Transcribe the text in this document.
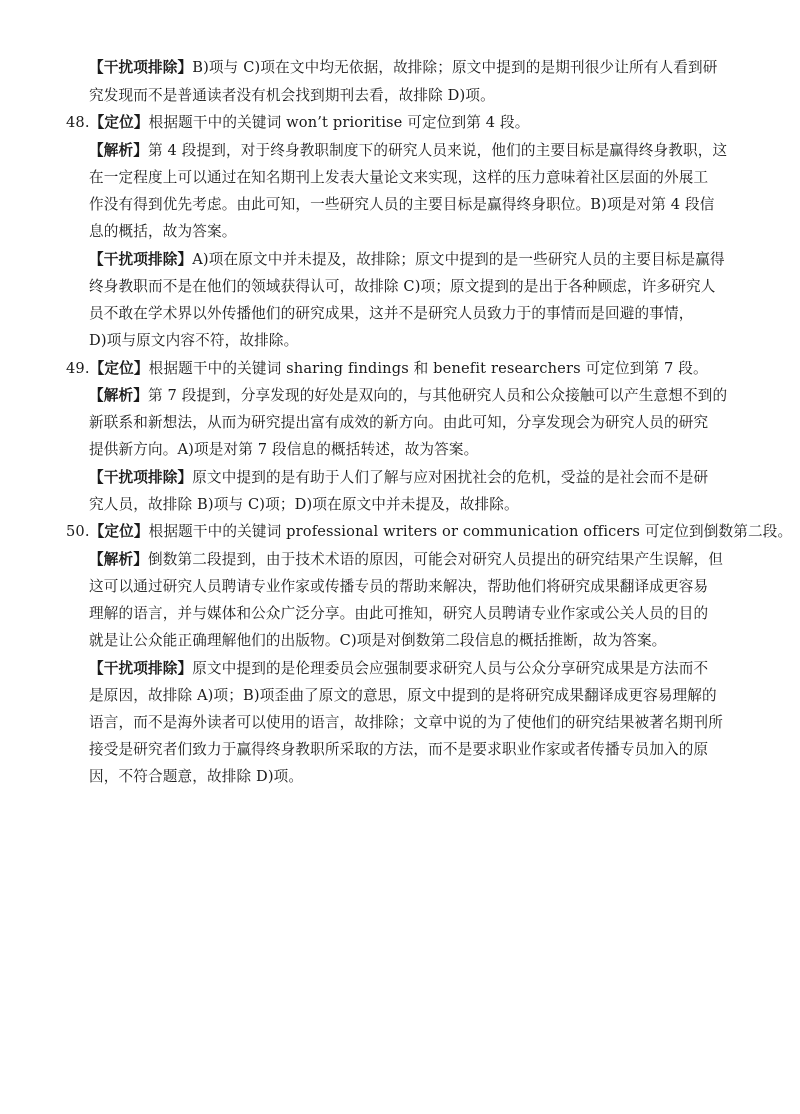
【干扰项排除】B)项与 C)项在文中均无依据，故排除；原文中提到的是期刊很少让所有人看到研
究发现而不是普通读者没有机会找到期刊去看，故排除 D)项。
48.【定位】根据题干中的关键词 won’t prioritise 可定位到第 4 段。
【解析】第 4 段提到，对于终身教职制度下的研究人员来说，他们的主要目标是赢得终身教职，这
在一定程度上可以通过在知名期刊上发表大量论文来实现，这样的压力意味着社区层面的外展工
作没有得到优先考虑。由此可知，一些研究人员的主要目标是赢得终身职位。B)项是对第 4 段信
息的概括，故为答案。
【干扰项排除】A)项在原文中并未提及，故排除；原文中提到的是一些研究人员的主要目标是赢得
终身教职而不是在他们的领域获得认可，故排除 C)项；原文提到的是出于各种顾虑，许多研究人
员不敢在学术界以外传播他们的研究成果，这并不是研究人员致力于的事情而是回避的事情，
D)项与原文内容不符，故排除。
49.【定位】根据题干中的关键词 sharing findings 和 benefit researchers 可定位到第 7 段。
【解析】第 7 段提到，分享发现的好处是双向的，与其他研究人员和公众接触可以产生意想不到的
新联系和新想法，从而为研究提出富有成效的新方向。由此可知，分享发现会为研究人员的研究
提供新方向。A)项是对第 7 段信息的概括转述，故为答案。
【干扰项排除】原文中提到的是有助于人们了解与应对困扰社会的危机，受益的是社会而不是研
究人员，故排除 B)项与 C)项；D)项在原文中并未提及，故排除。
50.【定位】根据题干中的关键词 professional writers or communication officers 可定位到倒数第二段。
【解析】倒数第二段提到，由于技术术语的原因，可能会对研究人员提出的研究结果产生误解，但
这可以通过研究人员聘请专业作家或传播专员的帮助来解决，帮助他们将研究成果翻译成更容易
理解的语言，并与媒体和公众广泛分享。由此可推知，研究人员聘请专业作家或公关人员的目的
就是让公众能正确理解他们的出版物。C)项是对倒数第二段信息的概括推断，故为答案。
【干扰项排除】原文中提到的是伦理委员会应强制要求研究人员与公众分享研究成果是方法而不
是原因，故排除 A)项；B)项歪曲了原文的意思，原文中提到的是将研究成果翻译成更容易理解的
语言，而不是海外读者可以使用的语言，故排除；文章中说的为了使他们的研究结果被著名期刊所
接受是研究者们致力于赢得终身教职所采取的方法，而不是要求职业作家或者传播专员加入的原
因，不符合题意，故排除 D)项。
